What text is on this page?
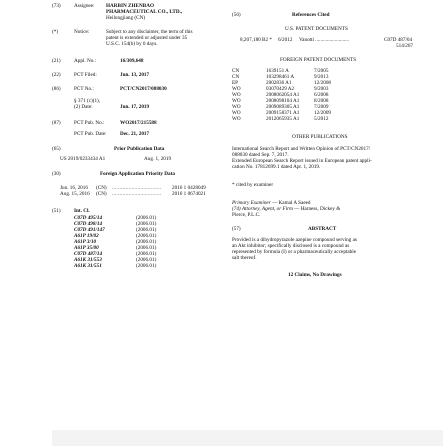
(73)	Assignee: HARBIN ZHENBAO
PHARMACEUTICAL CO., LTD.,
Heilongjiang (CN)
(*)	Notice:	Subject to any disclaimer, the term of this
patent is extended or adjusted under 35
U.S.C. 154(b) by 0 days.
(21)	Appl. No.:	16/309,648
(22)	PCT Filed:	Jun. 13, 2017
(86)	PCT No.:	PCT/CN2017/088030
§ 371 (c)(1),
(2) Date:	Jun. 17, 2019
(87)	PCT Pub. No.:	WO2017/215588
PCT Pub. Date:	Dec. 21, 2017
(65)	Prior Publication Data
US 2019/0233434 A1	Aug. 1, 2019
(30)	Foreign Application Priority Data
Jun. 16, 2016 (CN) ................................. 2016 1 0428049
Aug. 15, 2016 (CN) ................................. 2016 1 0674021
(51)	Int. Cl.
C07D 495/14	(2006.01)
C07D 498/14	(2006.01)
C07D 491/147	(2006.01)
A61P 19/02	(2006.01)
A61P 3/10	(2006.01)
A61P 35/00	(2006.01)
C07D 487/14	(2006.01)
A61K 31/553	(2006.01)
A61K 31/551	(2006.01)
(56)	References Cited
U.S. PATENT DOCUMENTS
8,207,180 B2 * 6/2012 Vanotti ..........................	C07D 487/04
514/267
FOREIGN PATENT DOCUMENTS
CN	1639151 A	7/2005
CN	103298461 A	9/2013
EP	2002836 A1	12/2008
WO	03070429 A2	9/2003
WO	2008062054 A1	6/2008
WO	2008098104 A1	8/2008
WO	2009089305 A1	7/2009
WO	2009158371 A1	12/2009
WO	2012065935 A1	5/2012
OTHER PUBLICATIONS
International Search Report and Written Opinion of PCT/CN2017/
088030 dated Sep. 7, 2017.
Extended European Search Report issued in European patent appli-
cation No. 17812699.1 dated Apr. 1, 2019.
* cited by examiner
Primary Examiner — Kamal A Saeed
(74) Attorney, Agent, or Firm — Harness, Dickey &
Pierce, P.L.C.
(57)	ABSTRACT
Provided is a dihydropyrazole azepine compound serving as
an Akt inhibitor; specifically disclosed is a compound as
represented by formula (I) or a pharmaceutically acceptable
salt thereof.
12 Claims, No Drawings
